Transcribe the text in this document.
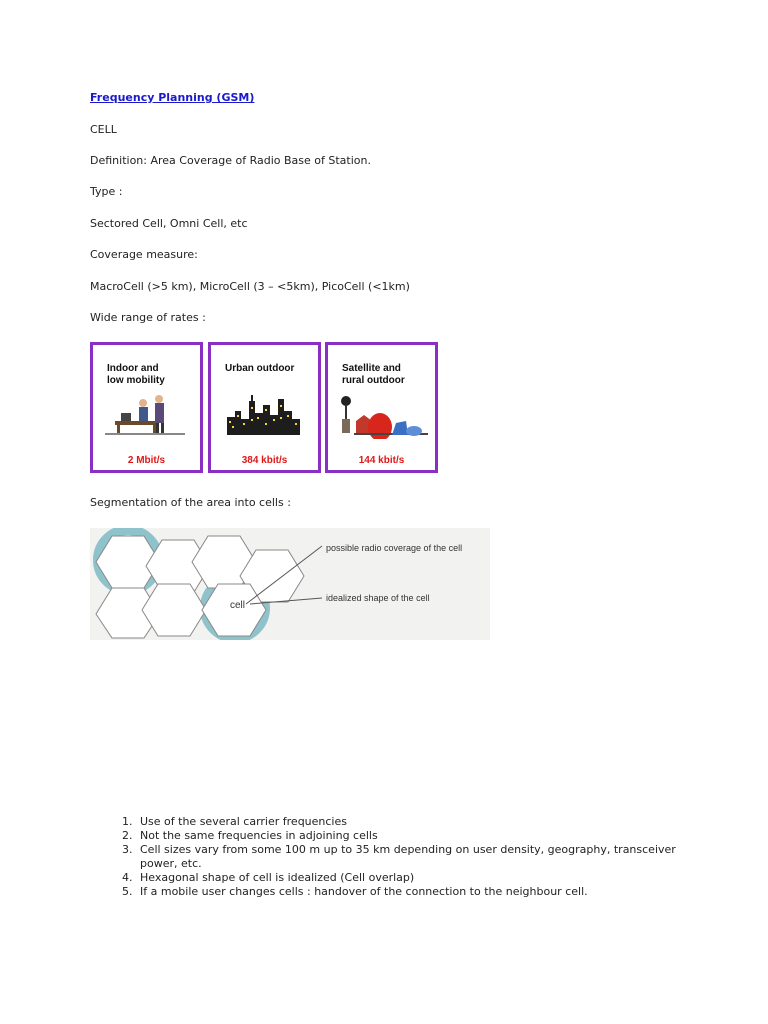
Frequency Planning (GSM)
CELL
Definition: Area Coverage of Radio Base of Station.
Type :
Sectored Cell, Omni Cell, etc
Coverage measure:
MacroCell (>5 km), MicroCell (3 – <5km), PicoCell (<1km)
Wide range of rates :
Indoor and
low mobility
2 Mbit/s
Urban outdoor
384 kbit/s
Satellite and
rural outdoor
144 kbit/s
Segmentation of the area into cells :
cell
possible radio coverage of the cell
idealized shape of the cell
1. Use of the several carrier frequencies
2. Not the same frequencies in adjoining cells
3. Cell sizes vary from some 100 m up to 35 km depending on user density, geography, transceiver power, etc.
4. Hexagonal shape of cell is idealized (Cell overlap)
5. If a mobile user changes cells : handover of the connection to the neighbour cell.
